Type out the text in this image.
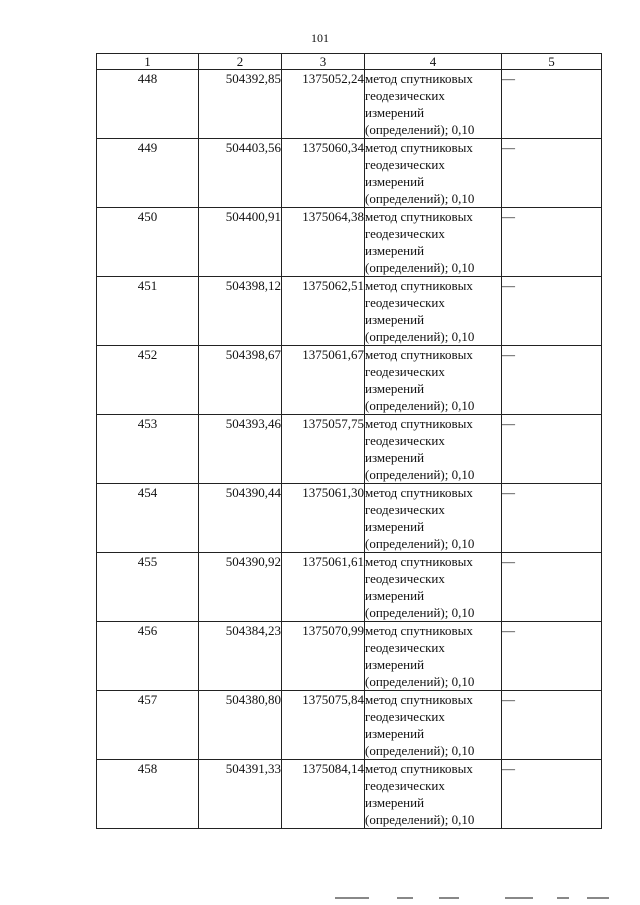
101
1	2	3	4	5
448	504392,85	1375052,24	метод спутниковых
геодезических
измерений
(определений); 0,10	—
449	504403,56	1375060,34	метод спутниковых
геодезических
измерений
(определений); 0,10	—
450	504400,91	1375064,38	метод спутниковых
геодезических
измерений
(определений); 0,10	—
451	504398,12	1375062,51	метод спутниковых
геодезических
измерений
(определений); 0,10	—
452	504398,67	1375061,67	метод спутниковых
геодезических
измерений
(определений); 0,10	—
453	504393,46	1375057,75	метод спутниковых
геодезических
измерений
(определений); 0,10	—
454	504390,44	1375061,30	метод спутниковых
геодезических
измерений
(определений); 0,10	—
455	504390,92	1375061,61	метод спутниковых
геодезических
измерений
(определений); 0,10	—
456	504384,23	1375070,99	метод спутниковых
геодезических
измерений
(определений); 0,10	—
457	504380,80	1375075,84	метод спутниковых
геодезических
измерений
(определений); 0,10	—
458	504391,33	1375084,14	метод спутниковых
геодезических
измерений
(определений); 0,10	—
